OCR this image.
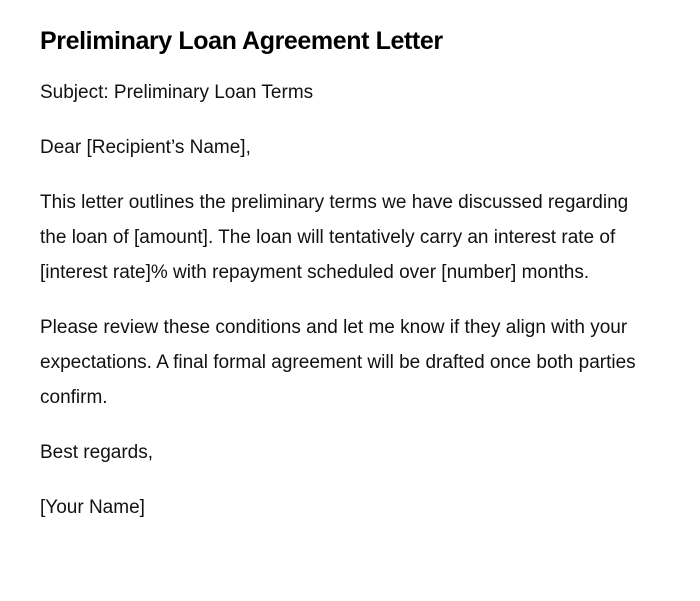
Preliminary Loan Agreement Letter

Subject: Preliminary Loan Terms

Dear [Recipient’s Name],

This letter outlines the preliminary terms we have discussed regarding the loan of [amount]. The loan will tentatively carry an interest rate of [interest rate]% with repayment scheduled over [number] months.

Please review these conditions and let me know if they align with your expectations. A final formal agreement will be drafted once both parties confirm.

Best regards,

[Your Name]
